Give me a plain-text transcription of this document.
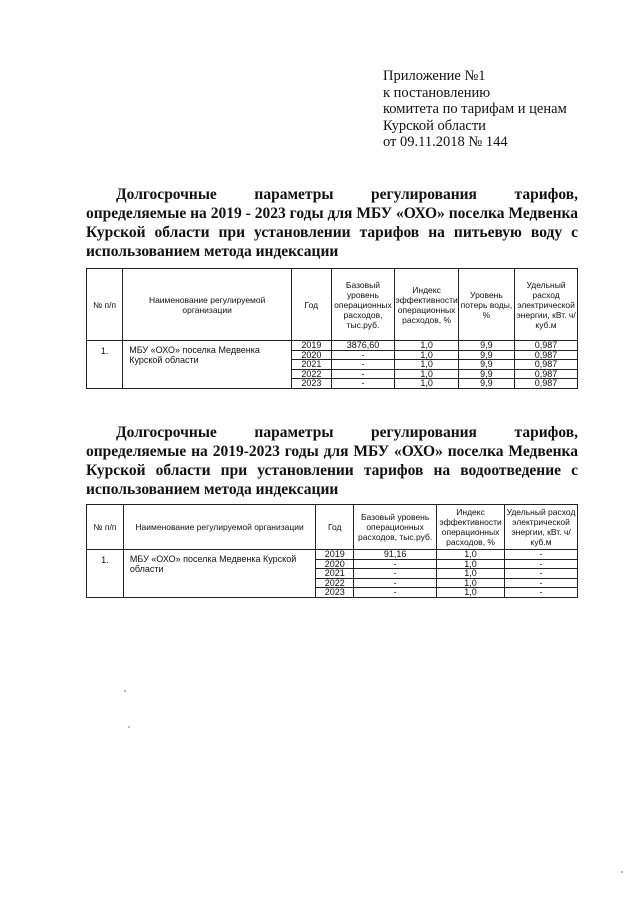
Приложение №1
к постановлению
комитета по тарифам и ценам
Курской области
от 09.11.2018 № 144
Долгосрочные параметры регулирования тарифов,
определяемые на 2019 - 2023 годы для МБУ «ОХО» поселка Медвенка Курской области при установлении тарифов на питьевую воду с использованием метода индексации
№ п/п	Наименование регулируемой организации	Год	Базовый уровень операционных расходов, тыс.руб.	Индекс эффективности операционных расходов, %	Уровень потерь воды, %	Удельный расход электрической энергии, кВт. ч/куб.м
1.	МБУ «ОХО» поселка Медвенка Курской области	2019	3876,60	1,0	9,9	0,987
		2020	-	1,0	9,9	0,987
		2021	-	1,0	9,9	0,987
		2022	-	1,0	9,9	0,987
		2023	-	1,0	9,9	0,987
Долгосрочные параметры регулирования тарифов,
определяемые на 2019-2023 годы для МБУ «ОХО» поселка Медвенка Курской области при установлении тарифов на водоотведение с использованием метода индексации
№ п/п	Наименование регулируемой организации	Год	Базовый уровень операционных расходов, тыс.руб.	Индекс эффективности операционных расходов, %	Удельный расход электрической энергии, кВт. ч/куб.м
1.	МБУ «ОХО» поселка Медвенка Курской области	2019	91,16	1,0	-
		2020	-	1,0	-
		2021	-	1,0	-
		2022	-	1,0	-
		2023	-	1,0	-
